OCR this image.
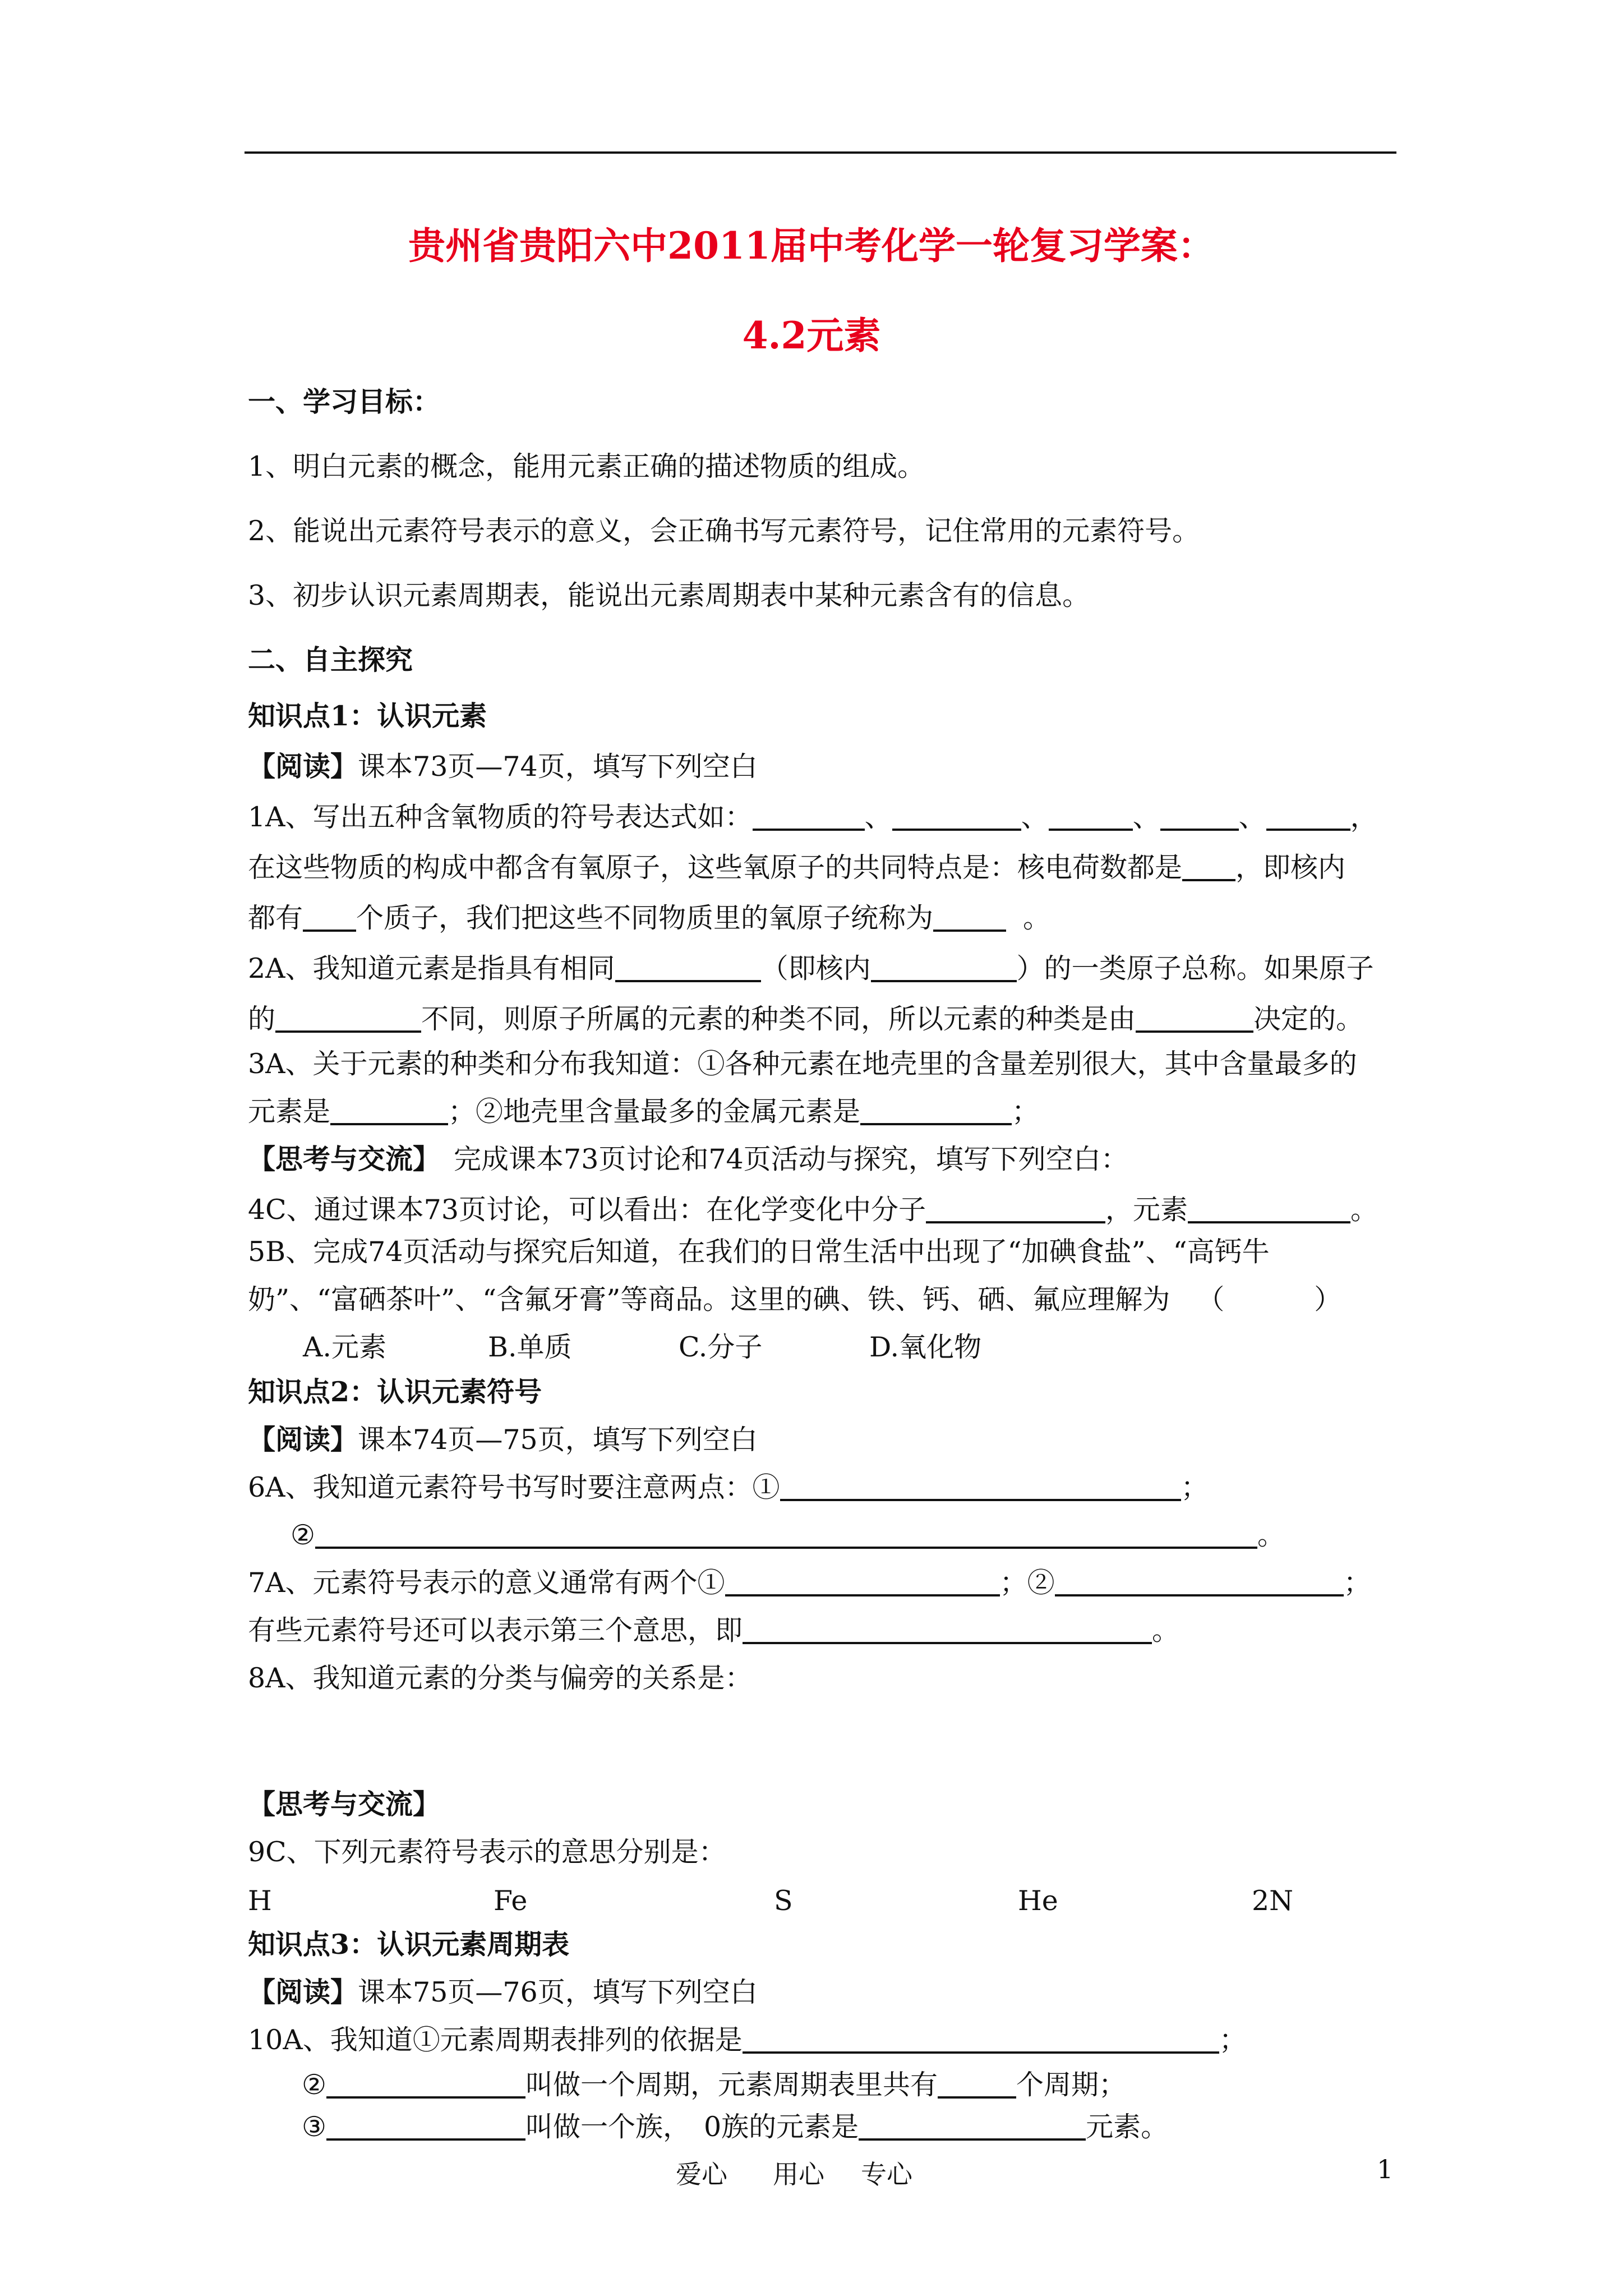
贵州省贵阳六中2011届中考化学一轮复习学案：
4.2元素
一、学习目标：
1、明白元素的概念，能用元素正确的描述物质的组成。
2、能说出元素符号表示的意义，会正确书写元素符号，记住常用的元素符号。
3、初步认识元素周期表，能说出元素周期表中某种元素含有的信息。
二、自主探究
知识点1：认识元素
【阅读】课本73页—74页，填写下列空白
1A、写出五种含氧物质的符号表达式如：	、	、	、	、	，
在这些物质的构成中都含有氧原子，这些氧原子的共同特点是：核电荷数都是 ，即核内
都有 个质子，我们把这些不同物质里的氧原子统称为	。
2A、我知道元素是指具有相同	（即核内	）的一类原子总称。如果原子
的	不同，则原子所属的元素的种类不同，所以元素的种类是由	决定的。
3A、关于元素的种类和分布我知道：①各种元素在地壳里的含量差别很大，其中含量最多的
元素是	；②地壳里含量最多的金属元素是	；
【思考与交流】 完成课本73页讨论和74页活动与探究，填写下列空白：
4C、通过课本73页讨论，可以看出：在化学变化中分子	，元素	。
5B、完成74页活动与探究后知道，在我们的日常生活中出现了“加碘食盐”、“高钙牛
奶”、“富硒茶叶”、“含氟牙膏”等商品。这里的碘、铁、钙、硒、氟应理解为 （	）
A.元素	B.单质	C.分子	D.氧化物
知识点2：认识元素符号
【阅读】课本74页—75页，填写下列空白
6A、我知道元素符号书写时要注意两点：①	；
②	。
7A、元素符号表示的意义通常有两个①	；②	；
有些元素符号还可以表示第三个意思，即	。
8A、我知道元素的分类与偏旁的关系是：
【思考与交流】
9C、下列元素符号表示的意思分别是：
H	Fe	S	He	2N
知识点3：认识元素周期表
【阅读】课本75页—76页，填写下列空白
10A、我知道①元素周期表排列的依据是	；
②	叫做一个周期，元素周期表里共有	个周期；
③	叫做一个族， 0族的元素是	元素。
爱心 用心 专心	1
